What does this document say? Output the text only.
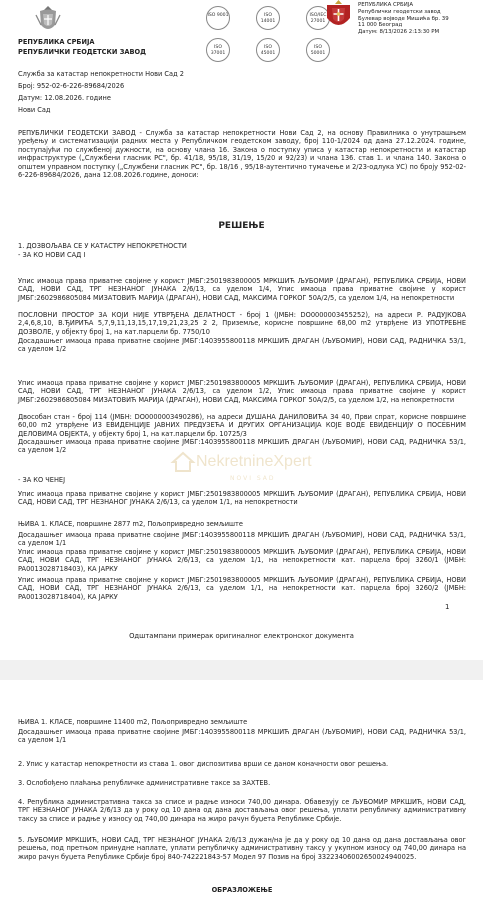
РЕПУБЛИКА СРБИЈА
РЕПУБЛИЧКИ ГЕОДЕТСКИ ЗАВОД
Служба за катастар непокретности Нови Сад 2
Број: 952-02-6-226-89684/2026
Датум: 12.08.2026. године
Нови Сад
ISO 9001	ISO 14001
ISO/IEC 27001
ISO 37001
ISO 45001
ISO 50001
РЕПУБЛИКА СРБИЈА
Републички геодетски завод
Булевар војводе Мишића бр. 39
11 000 Београд
Датум: 8/13/2026 2:13:30 PM

РЕПУБЛИЧКИ ГЕОДЕТСКИ ЗАВОД - Служба за катастар непокретности Нови Сад 2, на основу Правилника о унутрашњем уређењу и систематизацији радних места у Републичком геодетском заводу, број 110-1/2024 од дана 27.12.2024. године, поступајући по службеној дужности, на основу члана 16. Закона о поступку уписа у катастар непокретности и катастар инфраструктуре („Службени гласник РС", бр. 41/18, 95/18, 31/19, 15/20 и 92/23) и члана 136. став 1. и члана 140. Закона о општем управном поступку („Службени гласник РС", бр. 18/16 , 95/18-аутентично тумачење и 2/23-одлука УС) по броју 952-02-6-226-89684/2026, дана 12.08.2026.године, доноси:

РЕШЕЊЕ
1. ДОЗВОЉАВА СЕ У КАТАСТРУ НЕПОКРЕТНОСТИ
- ЗА КО НОВИ САД I

Упис имаоца права приватне својине у корист ЈМБГ:2501983800005 МРКШИЋ ЉУБОМИР (ДРАГАН), РЕПУБЛИКА СРБИЈА, НОВИ САД, НОВИ САД, ТРГ НЕЗНАНОГ ЈУНАКА 2/6/13, са уделом 1/4, Упис имаоца права приватне својине у корист ЈМБГ:2602986805084 МИЗАТОВИЋ МАРИЈА (ДРАГАН), НОВИ САД, МАКСИМА ГОРКОГ 50А/2/5, са уделом 1/4, на непокретности

ПОСЛОВНИ ПРОСТОР ЗА КОЈИ НИЈЕ УТВРЂЕНА ДЕЛАТНОСТ - број 1 (ЈМБН: DO0000003455252), на адреси Р. РАДУЈКОВА 2,4,6,8,10, В.ЂИРИЋА 5,7,9,11,13,15,17,19,21,23,25 2 2, Приземље, корисне површине 68,00 m2 утврђене ИЗ УПОТРЕБНЕ ДОЗВОЛЕ, у објекту број 1, на кат.парцели бр. 7750/10

Досадашњег имаоца права приватне својине ЈМБГ:1403955800118 МРКШИЋ ДРАГАН (ЉУБОМИР), НОВИ САД, РАДНИЧКА 53/1, са уделом 1/2

Упис имаоца права приватне својине у корист ЈМБГ:2501983800005 МРКШИЋ ЉУБОМИР (ДРАГАН), РЕПУБЛИКА СРБИЈА, НОВИ САД, НОВИ САД, ТРГ НЕЗНАНОГ ЈУНАКА 2/6/13, са уделом 1/2, Упис имаоца права приватне својине у корист ЈМБГ:2602986805084 МИЗАТОВИЋ МАРИЈА (ДРАГАН), НОВИ САД, МАКСИМА ГОРКОГ 50А/2/5, са уделом 1/2, на непокретности

Двособан стан - број 114 (ЈМБН: DO0000003490286), на адреси ДУШАНА ДАНИЛОВИЋА 34 40, Први спрат, корисне површине 60,00 m2 утврђене ИЗ ЕВИДЕНЦИЈЕ ЈАВНИХ ПРЕДУЗЕЋА И ДРУГИХ ОРГАНИЗАЦИЈА КОЈЕ ВОДЕ ЕВИДЕНЦИЈУ О ПОСЕБНИМ ДЕЛОВИМА ОБЈЕКТА, у објекту број 1, на кат.парцели бр. 10725/3

Досадашњег имаоца права приватне својине ЈМБГ:1403955800118 МРКШИЋ ДРАГАН (ЉУБОМИР), НОВИ САД, РАДНИЧКА 53/1, са уделом 1/2

- ЗА КО ЧЕНЕЈ

Упис имаоца права приватне својине у корист ЈМБГ:2501983800005 МРКШИЋ ЉУБОМИР (ДРАГАН), РЕПУБЛИКА СРБИЈА, НОВИ САД, НОВИ САД, ТРГ НЕЗНАНОГ ЈУНАКА 2/6/13, са уделом 1/1, на непокретности

ЊИВА 1. КЛАСЕ, површине 2877 m2, Пољопривредно земљиште

Досадашњег имаоца права приватне својине ЈМБГ:1403955800118 МРКШИЋ ДРАГАН (ЉУБОМИР), НОВИ САД, РАДНИЧКА 53/1, са уделом 1/1

Упис имаоца права приватне својине у корист ЈМБГ:2501983800005 МРКШИЋ ЉУБОМИР (ДРАГАН), РЕПУБЛИКА СРБИЈА, НОВИ САД, НОВИ САД, ТРГ НЕЗНАНОГ ЈУНАКА 2/6/13, са уделом 1/1, на непокретности кат. парцела број 3260/2 (ЈМБН: PA0013028718404), КА ЈАРКУ

NekretnineXpert
NOVI SAD
1
Одштампани примерак оригиналног електронског документа
ЊИВА 1. КЛАСЕ, површине 11400 m2, Пољопривредно земљиште

Досадашњег имаоца права приватне својине ЈМБГ:1403955800118 МРКШИЋ ДРАГАН (ЉУБОМИР), НОВИ САД, РАДНИЧКА 53/1, са уделом 1/1

2. Упис у катастар непокретности из става 1. овог диспозитива врши се даном коначности овог решења.

3. Ослобођено плаћања републичке административне таксе за ЗАХТЕВ.

4. Република административна такса за списе и радње износи 740,00 динара. Обавезују се ЉУБОМИР МРКШИЋ, НОВИ САД, ТРГ НЕЗНАНОГ ЈУНАКА 2/6/13 да у року од 10 дана од дана достављања овог решења, уплати републичку административну таксу за списе и радње у износу од 740,00 динара на жиро рачун буџета Републике Србије.

5. ЉУБОМИР МРКШИЋ, НОВИ САД, ТРГ НЕЗНАНОГ ЈУНАКА 2/6/13 дужан/на је да у року од 10 дана од дана достављања овог решења, под претњом принудне наплате, уплати републичку административну таксу у укупном износу од 740,00 динара на жиро рачун буџета Републике Србије број 840-742221843-57 Модел 97 Позив на број 33223406002650024940025.

ОБРАЗЛОЖЕЊЕ

Упис имаоца права приватне својине у корист ЈМБГ:2501983800005 МРКШИЋ ЉУБОМИР (ДРАГАН), РЕПУБЛИКА СРБИЈА, НОВИ САД, НОВИ САД, ТРГ НЕЗНАНОГ ЈУНАКА 2/6/13, са уделом 1/1, на непокретности кат. парцела број 3260/1 (ЈМБН: PA0013028718403), КА ЈАРКУ
